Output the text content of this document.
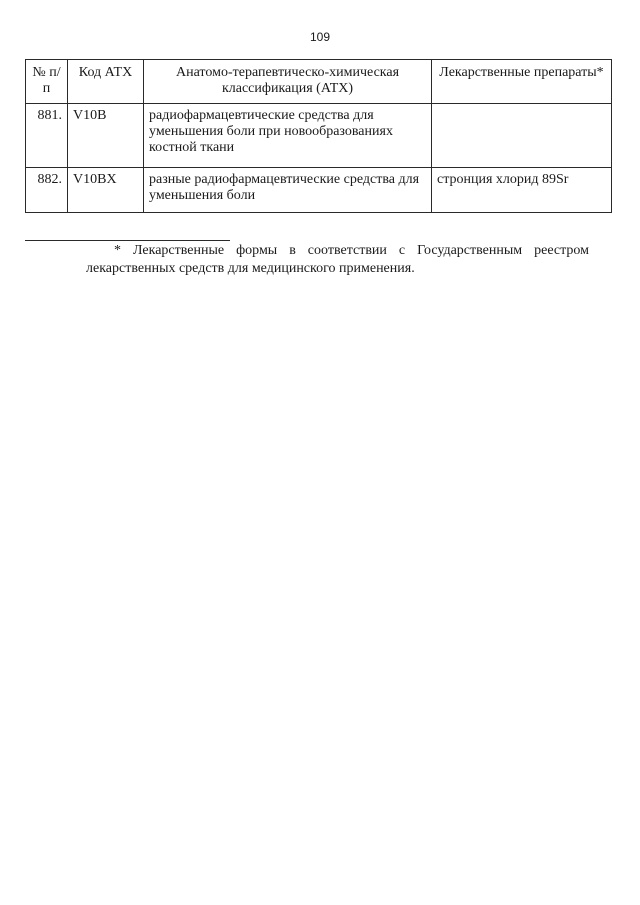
109
№ п/п	Код АТХ	Анатомо-терапевтическо-химическая классификация (АТХ)	Лекарственные препараты*
881.	V10B	радиофармацевтические средства для уменьшения боли при новообразованиях костной ткани	
882.	V10BX	разные радиофармацевтические средства для уменьшения боли	стронция хлорид 89Sr

* Лекарственные формы в соответствии с Государственным реестром лекарственных средств для медицинского применения.
